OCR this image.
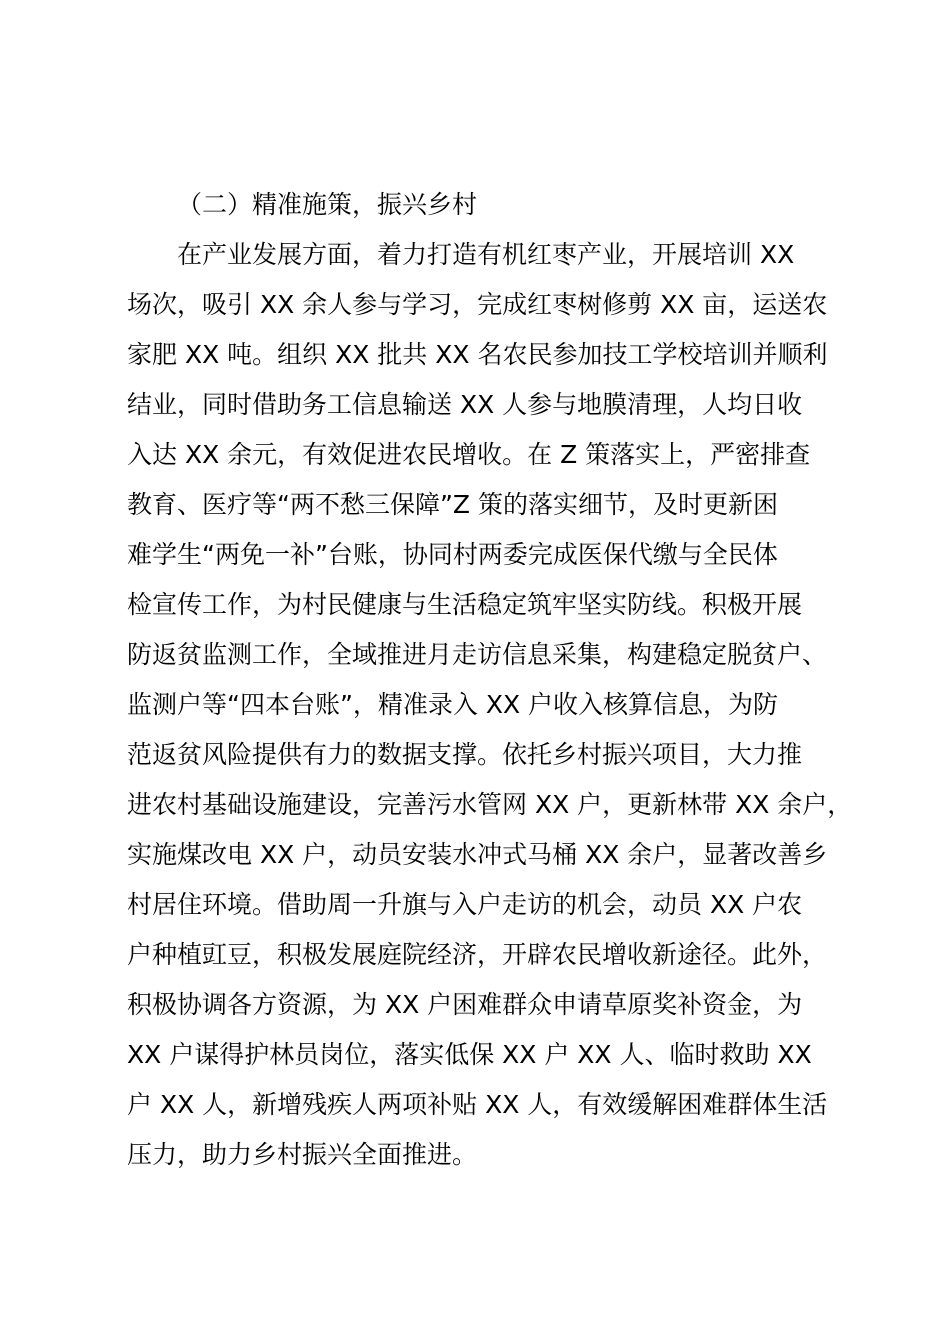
（二）精准施策，振兴乡村

在产业发展方面，着力打造有机红枣产业，开展培训 XX
场次，吸引 XX 余人参与学习，完成红枣树修剪 XX 亩，运送农
家肥 XX 吨。组织 XX 批共 XX 名农民参加技工学校培训并顺利
结业，同时借助务工信息输送 XX 人参与地膜清理，人均日收
入达 XX 余元，有效促进农民增收。在 Z 策落实上，严密排查
教育、医疗等“两不愁三保障”Z 策的落实细节，及时更新困
难学生“两免一补”台账，协同村两委完成医保代缴与全民体
检宣传工作，为村民健康与生活稳定筑牢坚实防线。积极开展
防返贫监测工作，全域推进月走访信息采集，构建稳定脱贫户、
监测户等“四本台账”，精准录入 XX 户收入核算信息，为防
范返贫风险提供有力的数据支撑。依托乡村振兴项目，大力推
进农村基础设施建设，完善污水管网 XX 户，更新林带 XX 余户，
实施煤改电 XX 户，动员安装水冲式马桶 XX 余户，显著改善乡
村居住环境。借助周一升旗与入户走访的机会，动员 XX 户农
户种植豇豆，积极发展庭院经济，开辟农民增收新途径。此外，
积极协调各方资源，为 XX 户困难群众申请草原奖补资金，为
XX 户谋得护林员岗位，落实低保 XX 户 XX 人、临时救助 XX
户 XX 人，新增残疾人两项补贴 XX 人，有效缓解困难群体生活
压力，助力乡村振兴全面推进。
